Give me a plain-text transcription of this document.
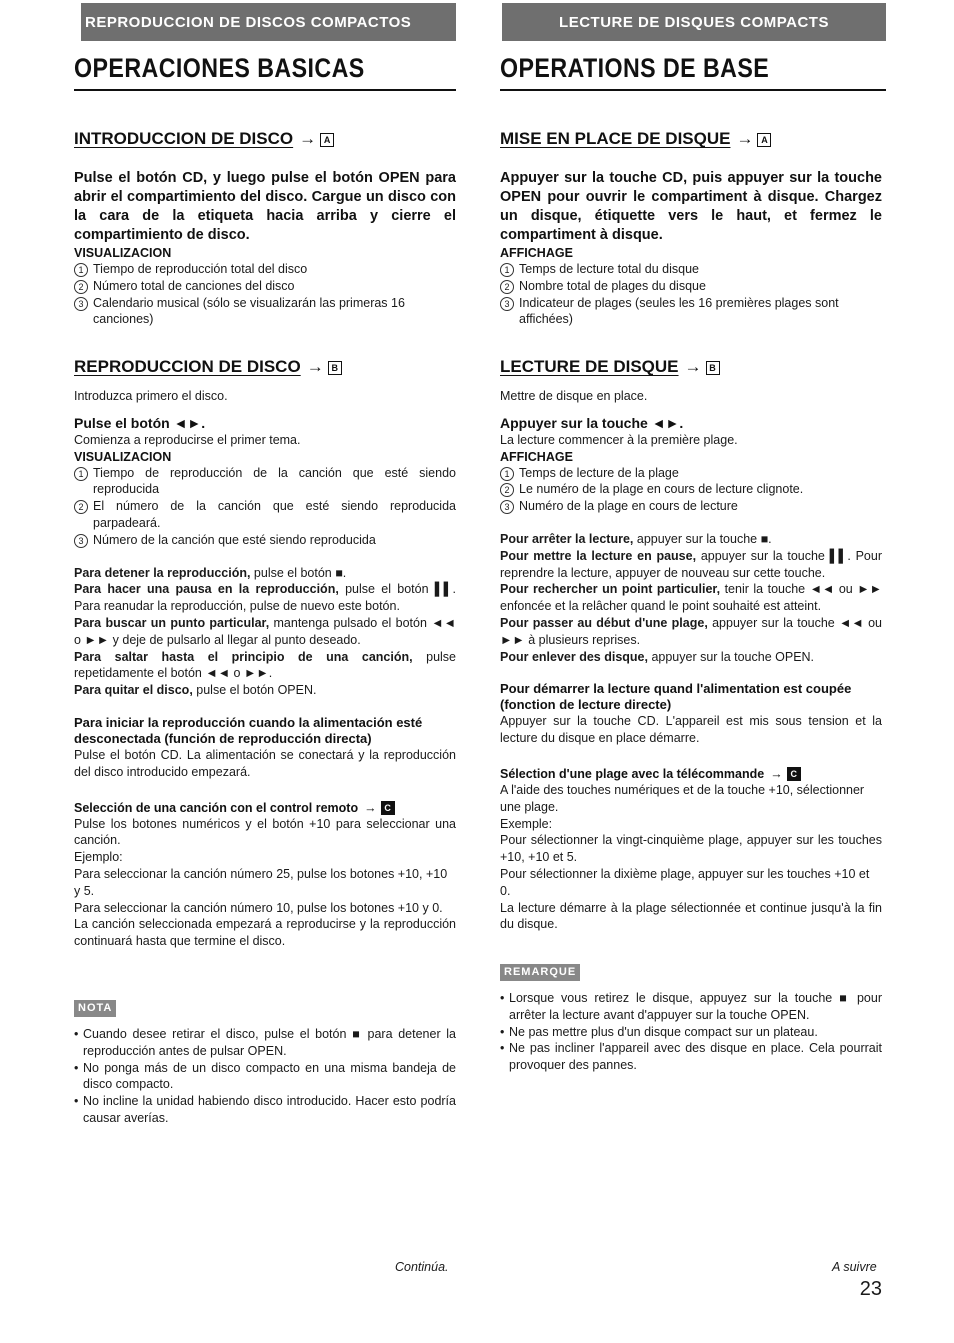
REPRODUCCION DE DISCOS COMPACTOS
OPERACIONES BASICAS
INTRODUCCION DE DISCO → A

Pulse el botón CD, y luego pulse el botón OPEN para abrir el compartimiento del disco. Cargue un disco con la cara de la etiqueta hacia arriba y cierre el compartimiento de disco.

VISUALIZACION

1 Tiempo de reproducción total del disco
2 Número total de canciones del disco
3 Calendario musical (sólo se visualizarán las primeras 16 canciones)
REPRODUCCION DE DISCO → B

Introduzca primero el disco.

Pulse el botón ◄►.

Comienza a reproducirse el primer tema.

VISUALIZACION

1 Tiempo de reproducción de la canción que esté siendo reproducida
2 El número de la canción que esté siendo reproducida parpadeará.
3 Número de la canción que esté siendo reproducida

Para detener la reproducción, pulse el botón ■.

Para hacer una pausa en la reproducción, pulse el botón ▌▌. Para reanudar la reproducción, pulse de nuevo este botón.

Para buscar un punto particular, mantenga pulsado el botón ◄◄ o ►► y deje de pulsarlo al llegar al punto deseado.

Para saltar hasta el principio de una canción, pulse repetidamente el botón ◄◄ o ►►.

Para quitar el disco, pulse el botón OPEN.

Para iniciar la reproducción cuando la alimentación esté desconectada (función de reproducción directa)

Pulse el botón CD. La alimentación se conectará y la reproducción del disco introducido empezará.

Selección de una canción con el control remoto → C

Pulse los botones numéricos y el botón +10 para seleccionar una canción.

Ejemplo:

Para seleccionar la canción número 25, pulse los botones +10, +10 y 5.

Para seleccionar la canción número 10, pulse los botones +10 y 0.

La canción seleccionada empezará a reproducirse y la reproducción continuará hasta que termine el disco.

NOTA
• Cuando desee retirar el disco, pulse el botón ■ para detener la reproducción antes de pulsar OPEN.
• No ponga más de un disco compacto en una misma bandeja de disco compacto.
• No incline la unidad habiendo disco introducido. Hacer esto podría causar averías.
LECTURE DE DISQUES COMPACTS
OPERATIONS DE BASE
MISE EN PLACE DE DISQUE → A

Appuyer sur la touche CD, puis appuyer sur la touche OPEN pour ouvrir le compartiment à disque. Chargez un disque, étiquette vers le haut, et fermez le compartiment à disque.

AFFICHAGE

1 Temps de lecture total du disque
2 Nombre total de plages du disque
3 Indicateur de plages (seules les 16 premières plages sont affichées)
LECTURE DE DISQUE → B

Mettre de disque en place.

Appuyer sur la touche ◄►.

La lecture commencer à la première plage.

AFFICHAGE

1 Temps de lecture de la plage
2 Le numéro de la plage en cours de lecture clignote.
3 Numéro de la plage en cours de lecture

Pour arrêter la lecture, appuyer sur la touche ■.

Pour mettre la lecture en pause, appuyer sur la touche ▌▌. Pour reprendre la lecture, appuyer de nouveau sur cette touche.

Pour rechercher un point particulier, tenir la touche ◄◄ ou ►► enfoncée et la relâcher quand le point souhaité est atteint.

Pour passer au début d'une plage, appuyer sur la touche ◄◄ ou ►► à plusieurs reprises.

Pour enlever des disque, appuyer sur la touche OPEN.

Pour démarrer la lecture quand l'alimentation est coupée (fonction de lecture directe)

Appuyer sur la touche CD. L'appareil est mis sous tension et la lecture du disque en place démarre.

Sélection d'une plage avec la télécommande → C

A l'aide des touches numériques et de la touche +10, sélectionner une plage.

Exemple:

Pour sélectionner la vingt-cinquième plage, appuyer sur les touches +10, +10 et 5.

Pour sélectionner la dixième plage, appuyer sur les touches +10 et 0.

La lecture démarre à la plage sélectionnée et continue jusqu'à la fin du disque.

REMARQUE
• Lorsque vous retirez le disque, appuyez sur la touche ■ pour arrêter la lecture avant d'appuyer sur la touche OPEN.
• Ne pas mettre plus d'un disque compact sur un plateau.
• Ne pas incliner l'appareil avec des disque en place. Cela pourrait provoquer des pannes.
Continúa.	A suivre
23
